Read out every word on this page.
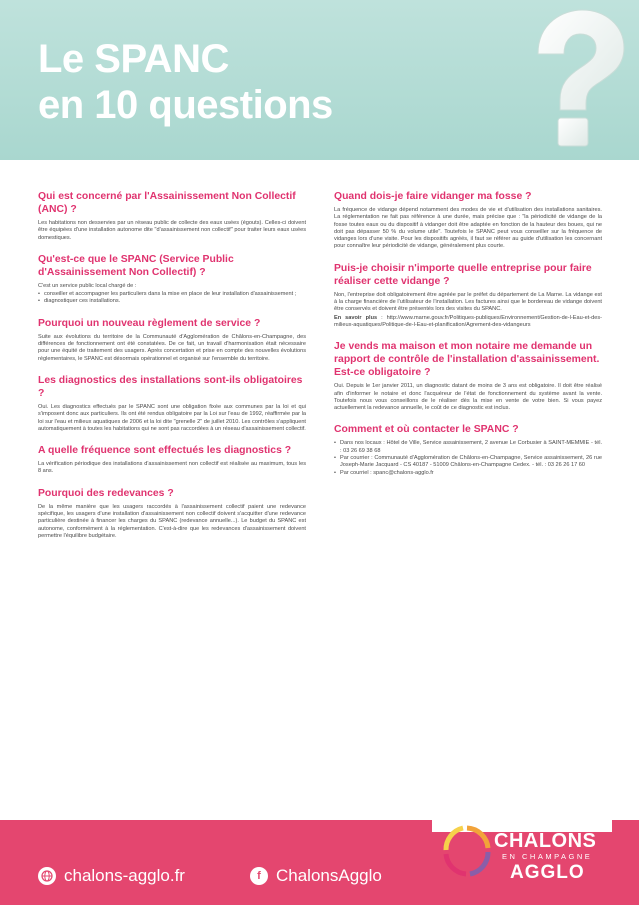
Le SPANC
en 10 questions
Qui est concerné par l'Assainissement Non Collectif (ANC) ?

Les habitations non desservies par un réseau public de collecte des eaux usées (égouts). Celles-ci doivent être équipées d'une installation autonome dite "d'assainissement non collectif" pour traiter leurs eaux usées domestiques.

Qu'est-ce que le SPANC (Service Public d'Assainissement Non Collectif) ?

C'est un service public local chargé de :

• conseiller et accompagner les particuliers dans la mise en place de leur installation d'assainissement ;
• diagnostiquer ces installations.
Pourquoi un nouveau règlement de service ?

Suite aux évolutions du territoire de la Communauté d'Agglomération de Châlons-en-Champagne, des différences de fonctionnement ont été constatées. De ce fait, un travail d'harmonisation était nécessaire pour une équité de traitement des usagers. Après concertation et prise en compte des nouvelles évolutions réglementaires, le SPANC est désormais opérationnel et organisé sur l'ensemble du territoire.

Les diagnostics des installations sont-ils obligatoires ?

Oui. Les diagnostics effectués par le SPANC sont une obligation fixée aux communes par la loi et qui s'imposent donc aux particuliers. Ils ont été rendus obligatoire par la Loi sur l'eau de 1992, réaffirmée par la loi sur l'eau et milieux aquatiques de 2006 et la loi dite "grenelle 2" de juillet 2010. Les contrôles s'appliquent automatiquement à toutes les habitations qui ne sont pas raccordées à un réseau d'assainissement collectif.

A quelle fréquence sont effectués les diagnostics ?

La vérification périodique des installations d'assainissement non collectif est réalisée au maximum, tous les 8 ans.

Pourquoi des redevances ?

De la même manière que les usagers raccordés à l'assainissement collectif paient une redevance spécifique, les usagers d'une installation d'assainissement non collectif doivent s'acquitter d'une redevance particulière destinée à financer les charges du SPANC (redevance annuelle...). Le budget du SPANC est autonome, conformément à la réglementation. C'est-à-dire que les redevances d'assainissement doivent permettre l'équilibre budgétaire.

Quand dois-je faire vidanger ma fosse ?

La fréquence de vidange dépend notamment des modes de vie et d'utilisation des installations sanitaires. La réglementation ne fait pas référence à une durée, mais précise que : "la périodicité de vidange de la fosse toutes eaux ou du dispositif à vidanger doit être adaptée en fonction de la hauteur des boues, qui ne doit pas dépasser 50 % du volume utile". Toutefois le SPANC peut vous conseiller sur la fréquence de vidanges lors d'une visite. Pour les dispositifs agréés, il faut se référer au guide d'utilisation les concernant pour connaître leur périodicité de vidange, généralement plus courte.

Puis-je choisir n'importe quelle entreprise pour faire réaliser cette vidange ?

Non, l'entreprise doit obligatoirement être agréée par le préfet du département de La Marne. La vidange est à la charge financière de l'utilisateur de l'installation. Les factures ainsi que le bordereau de vidange doivent être conservés et doivent être présentés lors des visites du SPANC.

En savoir plus : http://www.marne.gouv.fr/Politiques-publiques/Environnement/Gestion-de-l-Eau-et-des-milieux-aquatiques/Politique-de-l-Eau-et-planification/Agrement-des-vidangeurs

Je vends ma maison et mon notaire me demande un rapport de contrôle de l'installation d'assainissement. Est-ce obligatoire ?

Oui. Depuis le 1er janvier 2011, un diagnostic datant de moins de 3 ans est obligatoire. Il doit être réalisé afin d'informer le notaire et donc l'acquéreur de l'état de fonctionnement du système avant la vente. Toutefois nous vous conseillons de le réaliser dès la mise en vente de votre bien. Si vous payez actuellement la redevance annuelle, le coût de ce diagnostic est inclus.

Comment et où contacter le SPANC ?
• Dans nos locaux : Hôtel de Ville, Service assainissement, 2 avenue Le Corbusier à SAINT-MEMMIE - tél. : 03 26 69 38 68
• Par courrier : Communauté d'Agglomération de Châlons-en-Champagne, Service assainissement, 26 rue Joseph-Marie Jacquard - CS 40187 - 51009 Châlons-en-Champagne Cedex. - tél. : 03 26 26 17 60
• Par courriel : spanc@chalons-agglo.fr
chalons-agglo.fr	f ChalonsAgglo
CHÂLONS
EN CHAMPAGNE
AGGLO
